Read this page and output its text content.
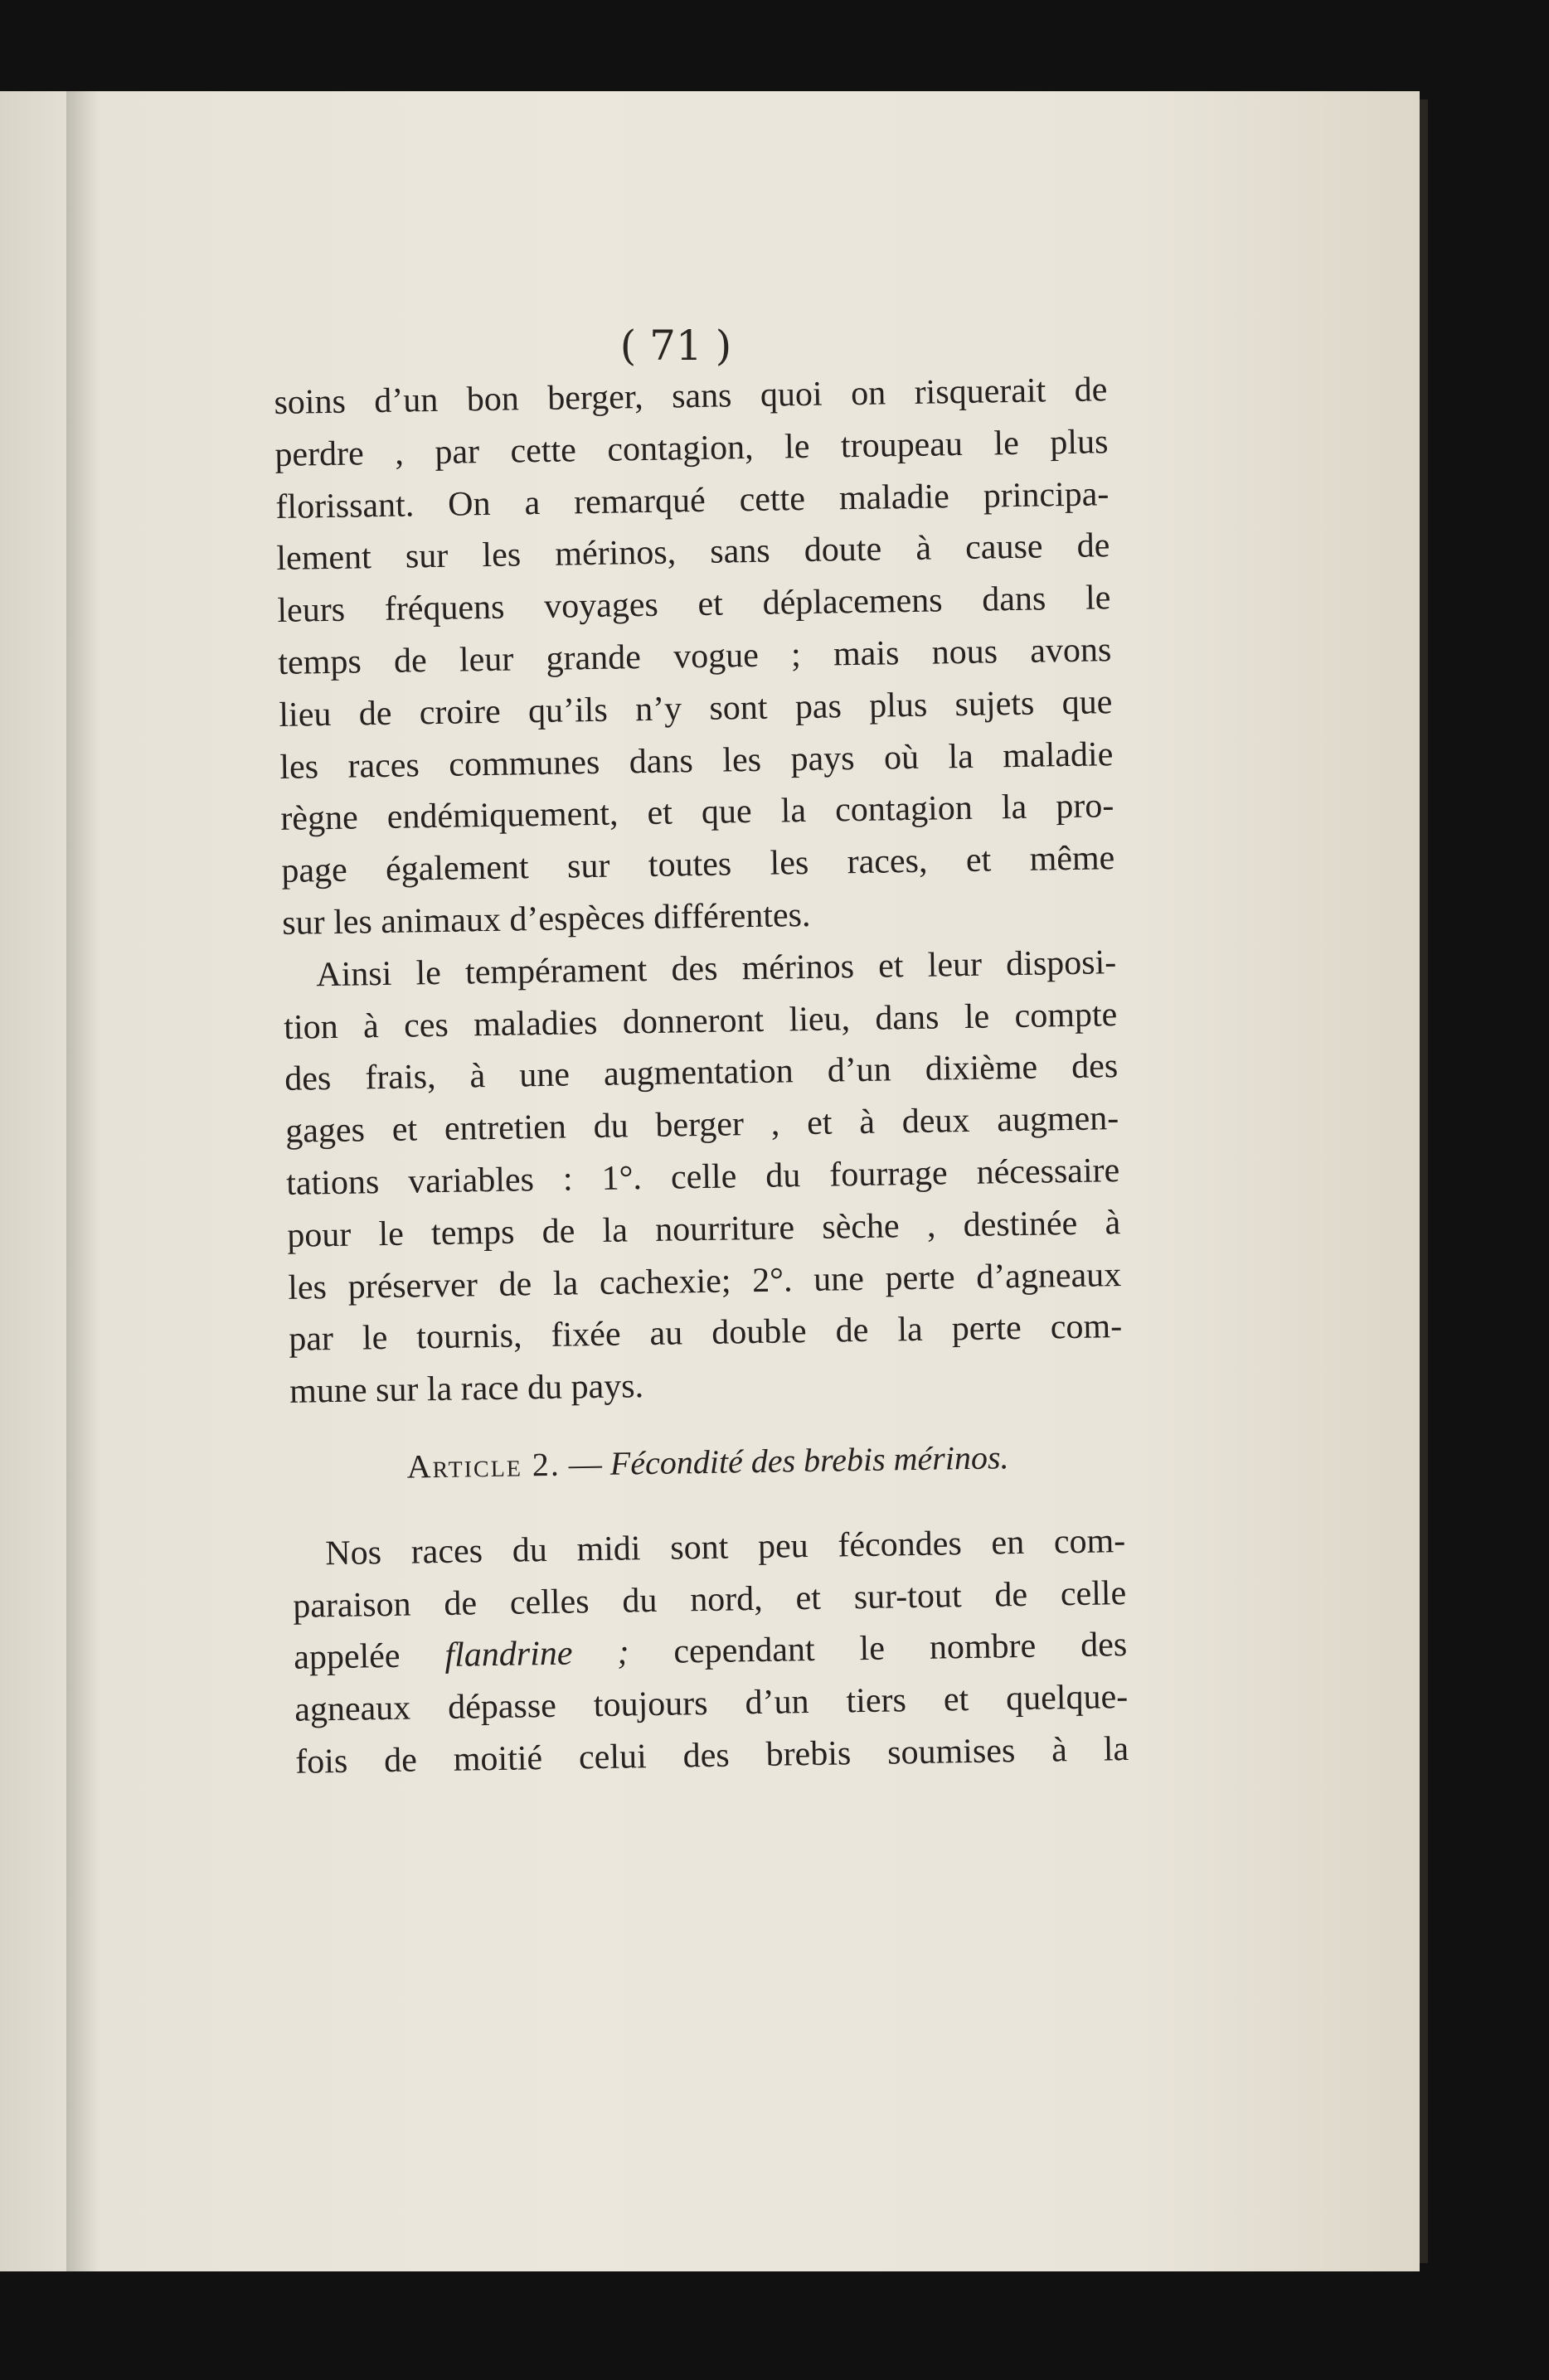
( 71 )
soins d’un bon berger, sans quoi on risquerait de
perdre , par cette contagion, le troupeau le plus
florissant. On a remarqué cette maladie principa-
lement sur les mérinos, sans doute à cause de
leurs fréquens voyages et déplacemens dans le
temps de leur grande vogue ; mais nous avons
lieu de croire qu’ils n’y sont pas plus sujets que
les races communes dans les pays où la maladie
règne endémiquement, et que la contagion la pro-
page également sur toutes les races, et même
sur les animaux d’espèces différentes.
Ainsi le tempérament des mérinos et leur disposi-
tion à ces maladies donneront lieu, dans le compte
des frais, à une augmentation d’un dixième des
gages et entretien du berger , et à deux augmen-
tations variables : 1°. celle du fourrage nécessaire
pour le temps de la nourriture sèche , destinée à
les préserver de la cachexie; 2°. une perte d’agneaux
par le tournis, fixée au double de la perte com-
mune sur la race du pays.
Article 2. — Fécondité des brebis mérinos.
Nos races du midi sont peu fécondes en com-
paraison de celles du nord, et sur-tout de celle
appelée flandrine ; cependant le nombre des
agneaux dépasse toujours d’un tiers et quelque-
fois de moitié celui des brebis soumises à la
